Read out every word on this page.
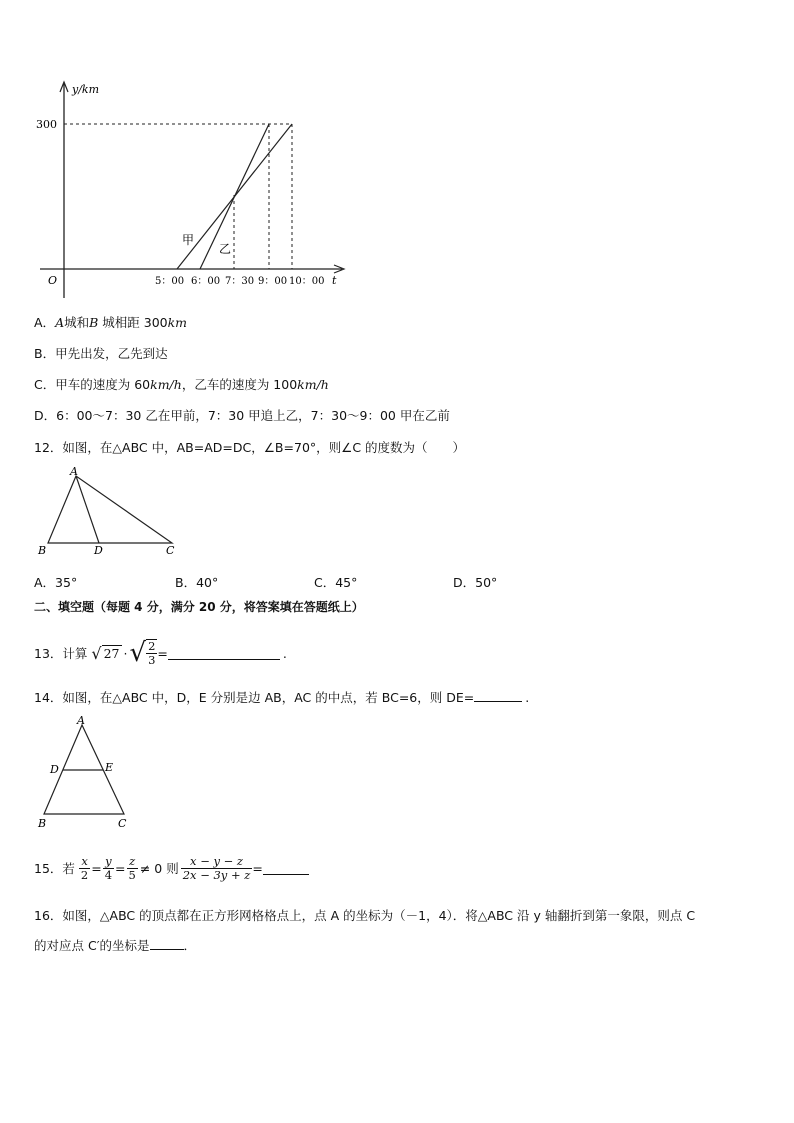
y/km
t
O
300
5：00 6：00 7：30 9：00 10：00
甲
乙
A．A城和B 城相距 300km
B．甲先出发，乙先到达
C．甲车的速度为 60km/h，乙车的速度为 100km/h
D．6：00～7：30 乙在甲前，7：30 甲追上乙，7：30～9：00 甲在乙前
12．如图，在△ABC 中，AB=AD=DC，∠B=70°，则∠C 的度数为（　　）
A
B	D	C
A．35°	B．40°	C．45°	D．50°
二、填空题（每题 4 分，满分 20 分，将答案填在答题纸上）
13．计算 √ 27 · √ $\frac{2}{3}$ =	.
14．如图，在△ABC 中，D，E 分别是边 AB，AC 的中点，若 BC=6，则 DE=	.
A
D	E
B	C
15．若 $\frac{x}{2} = \frac{y}{4} = \frac{z}{5} \ne 0$ 则 $\frac{x - y - z}{2x - 3y + z}$ =
16．如图，△ABC 的顶点都在正方形网格格点上，点 A 的坐标为（－1，4）．将△ABC 沿 y 轴翻折到第一象限，则点 C
的对应点 C′的坐标是	．
